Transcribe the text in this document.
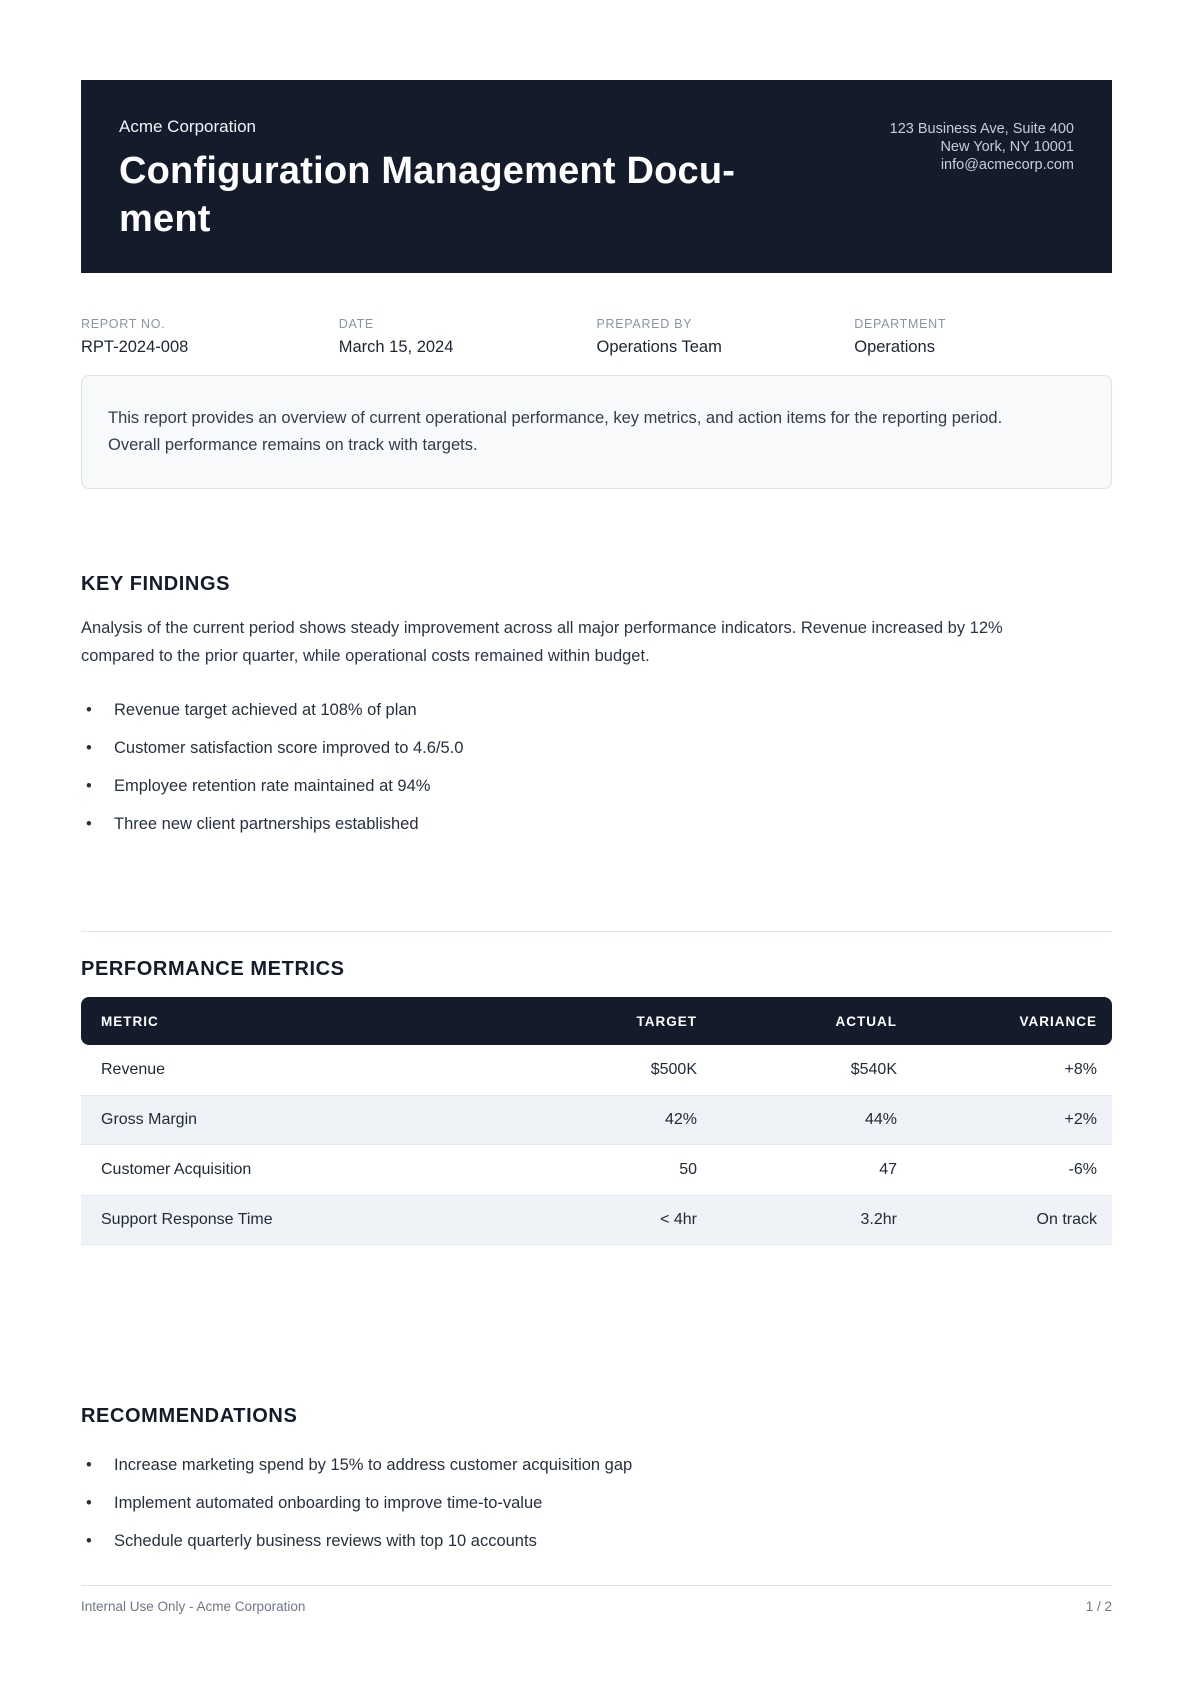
Acme Corporation
Configuration Management Document
123 Business Ave, Suite 400
New York, NY 10001
info@acmecorp.com
REPORT NO.
RPT-2024-008
DATE
March 15, 2024
PREPARED BY
Operations Team
DEPARTMENT
Operations

This report provides an overview of current operational performance, key metrics, and action items for the reporting period. Overall performance remains on track with targets.

KEY FINDINGS

Analysis of the current period shows steady improvement across all major performance indicators. Revenue increased by 12% compared to the prior quarter, while operational costs remained within budget.

•	Revenue target achieved at 108% of plan
•	Customer satisfaction score improved to 4.6/5.0
•	Employee retention rate maintained at 94%
•	Three new client partnerships established
PERFORMANCE METRICS
METRIC	TARGET	ACTUAL	VARIANCE
Revenue	$500K	$540K	+8%
Gross Margin	42%	44%	+2%
Customer Acquisition	50	47	-6%
Support Response Time	< 4hr	3.2hr	On track
RECOMMENDATIONS
•	Increase marketing spend by 15% to address customer acquisition gap
•	Implement automated onboarding to improve time-to-value
•	Schedule quarterly business reviews with top 10 accounts
Internal Use Only - Acme Corporation	1 / 2
